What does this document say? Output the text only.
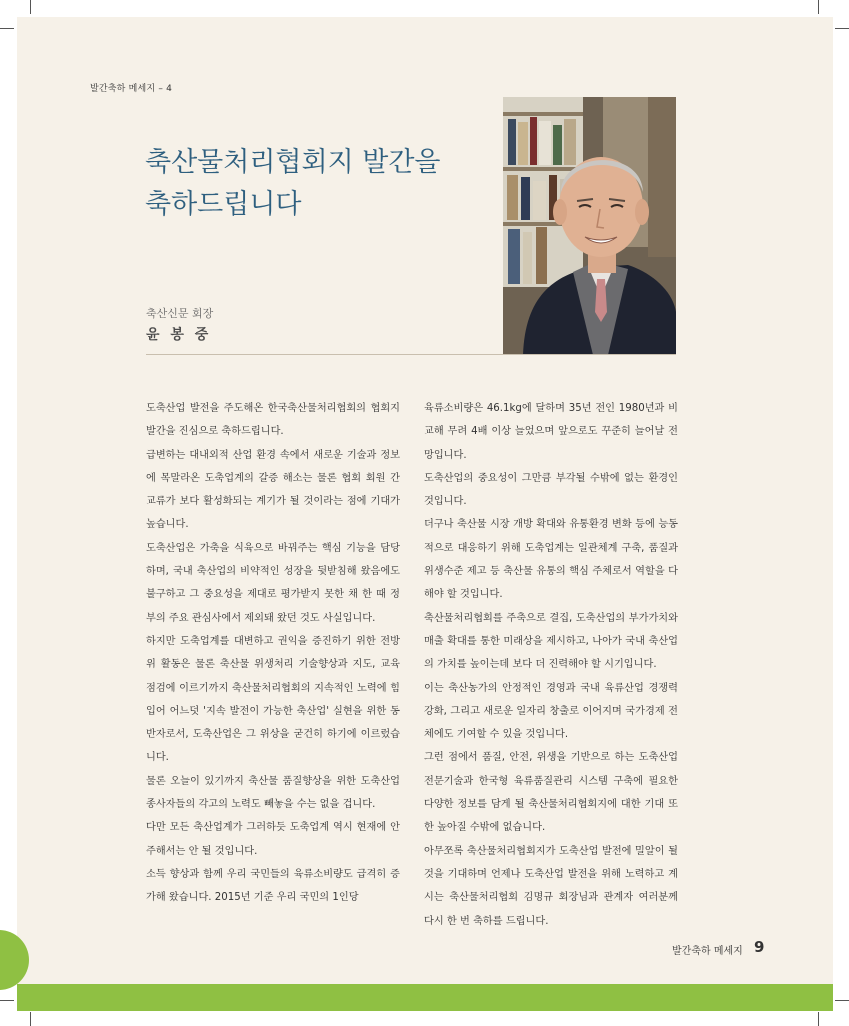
발간축하 메세지 – 4
축산물처리협회지 발간을
축하드립니다
축산신문 회장
윤 봉 중

도축산업 발전을 주도해온 한국축산물처리협회의 협회지 발간을 진심으로 축하드립니다.

급변하는 대내외적 산업 환경 속에서 새로운 기술과 정보에 목말라온 도축업계의 갈증 해소는 물론 협회 회원 간 교류가 보다 활성화되는 계기가 될 것이라는 점에 기대가 높습니다.

도축산업은 가축을 식육으로 바꿔주는 핵심 기능을 담당하며, 국내 축산업의 비약적인 성장을 뒷받침해 왔음에도 불구하고 그 중요성을 제대로 평가받지 못한 채 한 때 정부의 주요 관심사에서 제외돼 왔던 것도 사실입니다.

하지만 도축업계를 대변하고 권익을 증진하기 위한 전방위 활동은 물론 축산물 위생처리 기술향상과 지도, 교육 점검에 이르기까지 축산물처리협회의 지속적인 노력에 힘입어 어느덧 '지속 발전이 가능한 축산업' 실현을 위한 동반자로서, 도축산업은 그 위상을 굳건히 하기에 이르렀습니다.

물론 오늘이 있기까지 축산물 품질향상을 위한 도축산업 종사자들의 각고의 노력도 빼놓을 수는 없을 겁니다.

다만 모든 축산업계가 그러하듯 도축업계 역시 현재에 안주해서는 안 될 것입니다.

소득 향상과 함께 우리 국민들의 육류소비량도 급격히 증가해 왔습니다. 2015년 기준 우리 국민의 1인당

육류소비량은 46.1kg에 달하며 35년 전인 1980년과 비교해 무려 4배 이상 늘었으며 앞으로도 꾸준히 늘어날 전망입니다.

도축산업의 중요성이 그만큼 부각될 수밖에 없는 환경인 것입니다.

더구나 축산물 시장 개방 확대와 유통환경 변화 등에 능동적으로 대응하기 위해 도축업계는 일관체계 구축, 품질과 위생수준 제고 등 축산물 유통의 핵심 주체로서 역할을 다해야 할 것입니다.

축산물처리협회를 주축으로 결집, 도축산업의 부가가치와 매출 확대를 통한 미래상을 제시하고, 나아가 국내 축산업의 가치를 높이는데 보다 더 진력해야 할 시기입니다.

이는 축산농가의 안정적인 경영과 국내 육류산업 경쟁력 강화, 그리고 새로운 일자리 창출로 이어지며 국가경제 전체에도 기여할 수 있을 것입니다.

그런 점에서 품질, 안전, 위생을 기반으로 하는 도축산업 전문기술과 한국형 육류품질관리 시스템 구축에 필요한 다양한 정보를 담게 될 축산물처리협회지에 대한 기대 또한 높아질 수밖에 없습니다.

아무쪼록 축산물처리협회지가 도축산업 발전에 밀알이 될 것을 기대하며 언제나 도축산업 발전을 위해 노력하고 계시는 축산물처리협회 김명규 회장님과 관계자 여러분께 다시 한 번 축하를 드립니다.

발간축하 메세지 9
